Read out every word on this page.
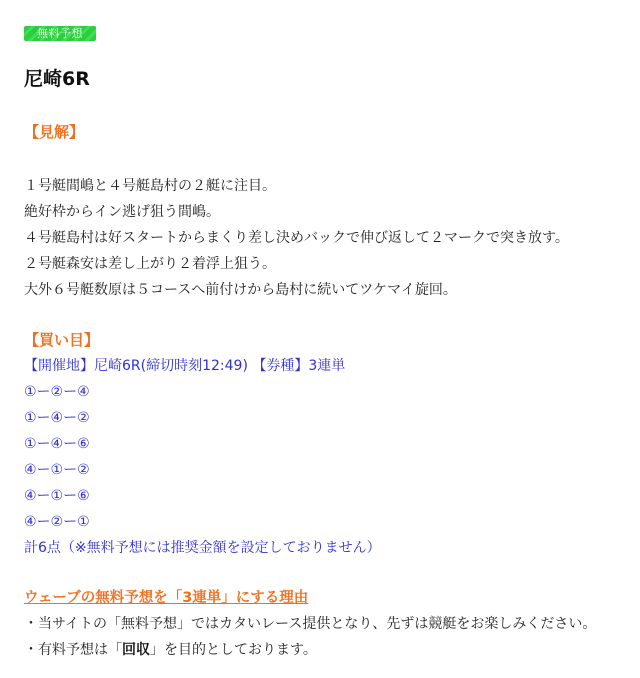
無料予想
尼崎6R

【見解】

１号艇間嶋と４号艇島村の２艇に注目。

絶好枠からイン逃げ狙う間嶋。

４号艇島村は好スタートからまくり差し決めバックで伸び返して２マークで突き放す。

２号艇森安は差し上がり２着浮上狙う。

大外６号艇数原は５コースへ前付けから島村に続いてツケマイ旋回。

【買い目】

【開催地】尼崎6R(締切時刻12:49) 【券種】3連単

①ー②ー④

①ー④ー②

①ー④ー⑥

④ー①ー②

④ー①ー⑥

④ー②ー①

計6点（※無料予想には推奨金額を設定しておりません）

ウェーブの無料予想を「3連単」にする理由

・当サイトの「無料予想」ではカタいレース提供となり、先ずは競艇をお楽しみください。

・有料予想は「回収」を目的としております。
